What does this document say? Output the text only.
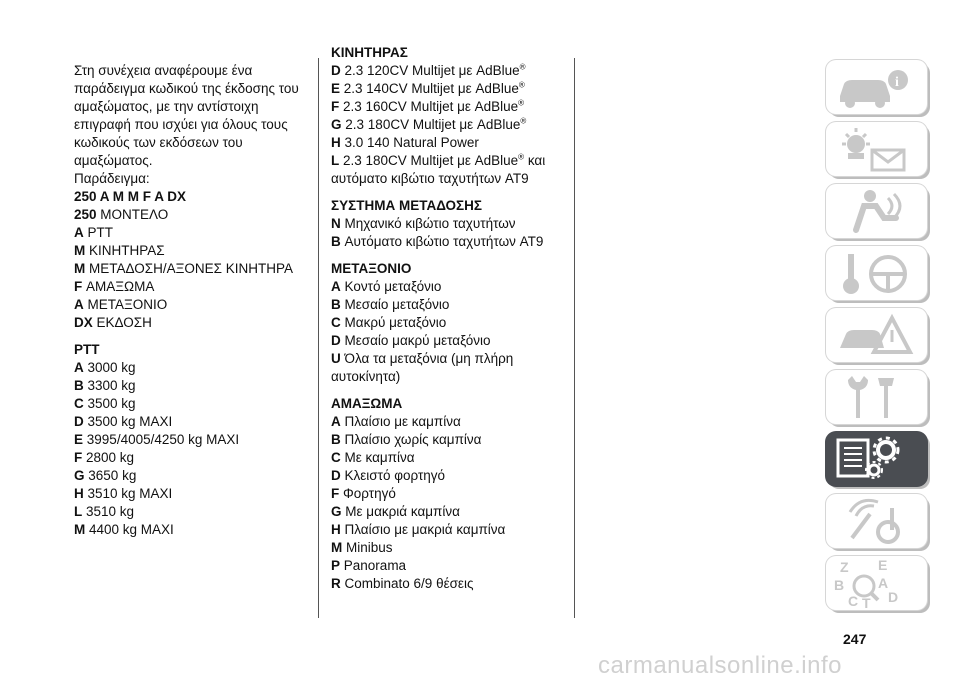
Στη συνέχεια αναφέρουμε ένα παράδειγμα κωδικού της έκδοσης του αμαξώματος, με την αντίστοιχη επιγραφή που ισχύει για όλους τους κωδικούς των εκδόσεων του αμαξώματος.
Παράδειγμα:
250 A M M F A DX
250 ΜΟΝΤΕΛΟ
A PTT
M ΚΙΝΗΤΗΡΑΣ
M ΜΕΤΑΔΟΣΗ/ΑΞΟΝΕΣ ΚΙΝΗΤΗΡΑ
F ΑΜΑΞΩΜΑ
A ΜΕΤΑΞΟΝΙΟ
DX ΕΚΔΟΣΗ
PTT
A 3000 kg
B 3300 kg
C 3500 kg
D 3500 kg MAXI
E 3995/4005/4250 kg MAXI
F 2800 kg
G 3650 kg
H 3510 kg MAXI
L 3510 kg
M 4400 kg MAXI
ΚΙΝΗΤΗΡΑΣ
D 2.3 120CV Multijet με AdBlue®
E 2.3 140CV Multijet με AdBlue®
F 2.3 160CV Multijet με AdBlue®
G 2.3 180CV Multijet με AdBlue®
H 3.0 140 Natural Power
L 2.3 180CV Multijet με AdBlue® και αυτόματο κιβώτιο ταχυτήτων AT9
ΣΥΣΤΗΜΑ ΜΕΤΑΔΟΣΗΣ
N Μηχανικό κιβώτιο ταχυτήτων
B Αυτόματο κιβώτιο ταχυτήτων AT9
ΜΕΤΑΞΟΝΙΟ
A Κοντό μεταξόνιο
B Μεσαίο μεταξόνιο
C Μακρύ μεταξόνιο
D Μεσαίο μακρύ μεταξόνιο
U Όλα τα μεταξόνια (μη πλήρη αυτοκίνητα)
ΑΜΑΞΩΜΑ
A Πλαίσιο με καμπίνα
B Πλαίσιο χωρίς καμπίνα
C Με καμπίνα
D Κλειστό φορτηγό
F Φορτηγό
G Με μακριά καμπίνα
H Πλαίσιο με μακριά καμπίνα
M Minibus
P Panorama
R Combinato 6/9 θέσεις
i
Z E
B A
C T D
247
carmanualsonline.info
